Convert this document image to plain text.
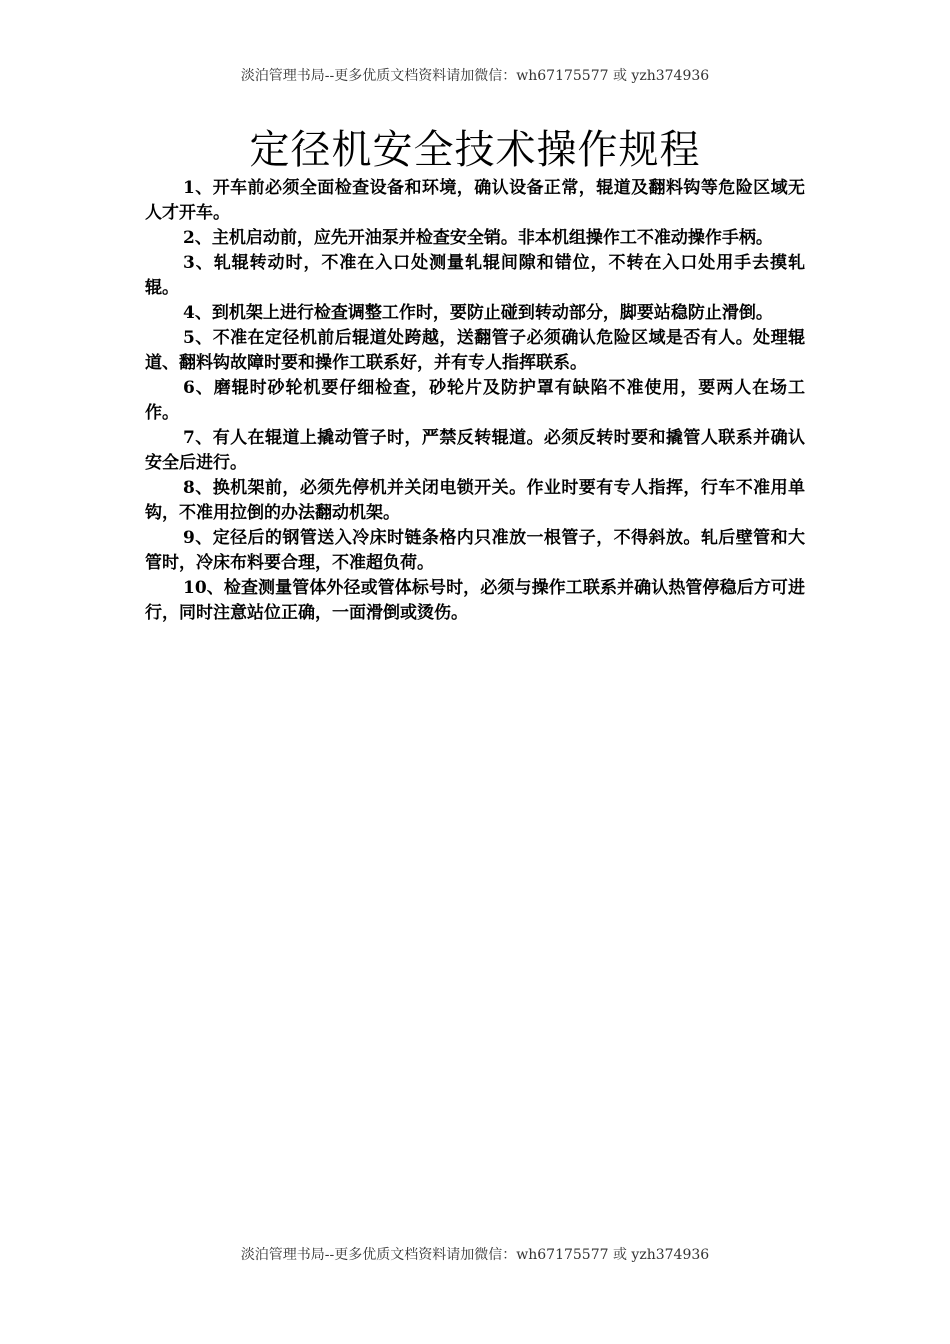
淡泊管理书局--更多优质文档资料请加微信：wh67175577 或 yzh374936
定径机安全技术操作规程

1、开车前必须全面检查设备和环境，确认设备正常，辊道及翻料钩等危险区域无人才开车。

2、主机启动前，应先开油泵并检查安全销。非本机组操作工不准动操作手柄。

3、轧辊转动时，不准在入口处测量轧辊间隙和错位，不转在入口处用手去摸轧辊。

4、到机架上进行检查调整工作时，要防止碰到转动部分，脚要站稳防止滑倒。

5、不准在定径机前后辊道处跨越，送翻管子必须确认危险区域是否有人。处理辊道、翻料钩故障时要和操作工联系好，并有专人指挥联系。

6、磨辊时砂轮机要仔细检查，砂轮片及防护罩有缺陷不准使用，要两人在场工作。

7、有人在辊道上撬动管子时，严禁反转辊道。必须反转时要和撬管人联系并确认安全后进行。

8、换机架前，必须先停机并关闭电锁开关。作业时要有专人指挥，行车不准用单钩，不准用拉倒的办法翻动机架。

9、定径后的钢管送入冷床时链条格内只准放一根管子，不得斜放。轧后壁管和大管时，冷床布料要合理，不准超负荷。

10、检查测量管体外径或管体标号时，必须与操作工联系并确认热管停稳后方可进行，同时注意站位正确，一面滑倒或烫伤。

淡泊管理书局--更多优质文档资料请加微信：wh67175577 或 yzh374936
